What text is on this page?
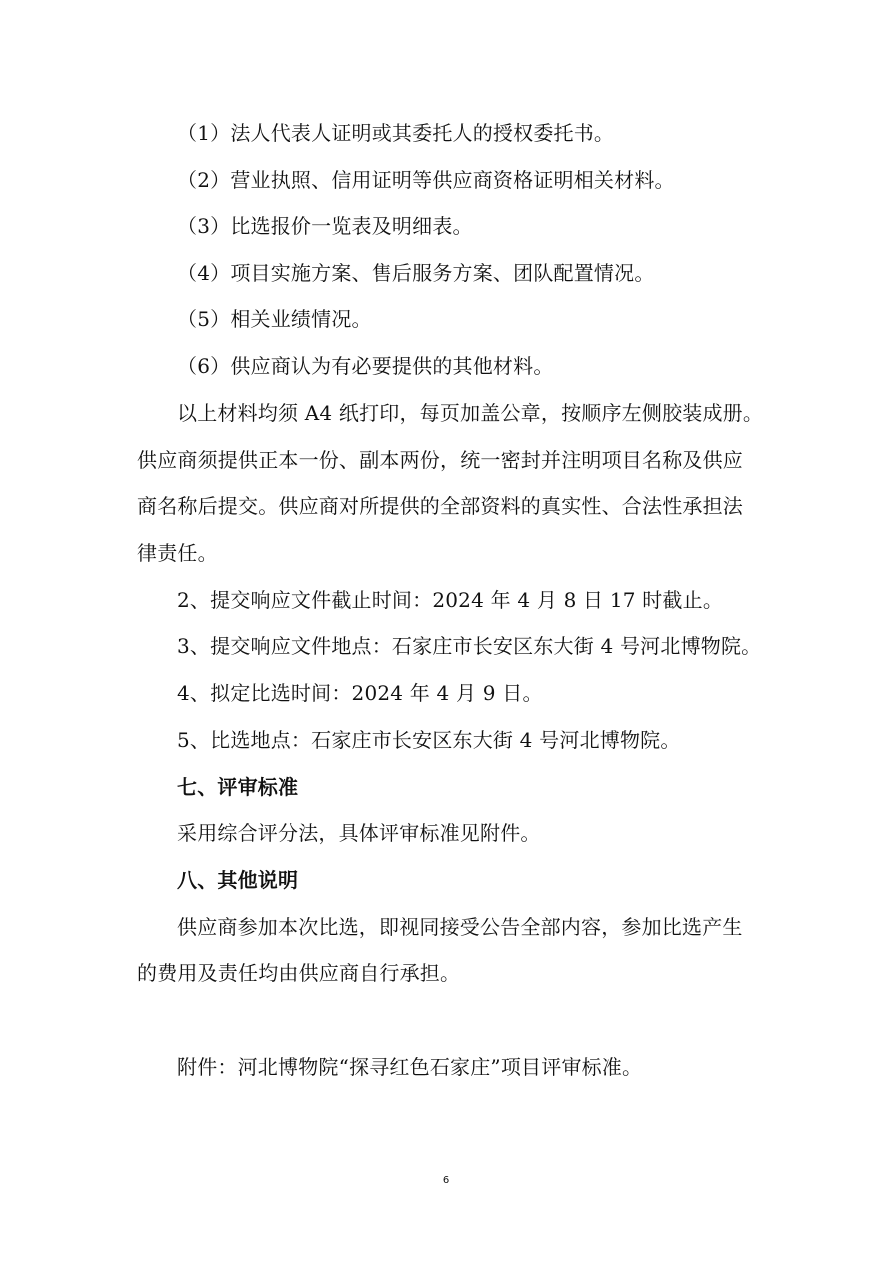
（1）法人代表人证明或其委托人的授权委托书。
（2）营业执照、信用证明等供应商资格证明相关材料。
（3）比选报价一览表及明细表。
（4）项目实施方案、售后服务方案、团队配置情况。
（5）相关业绩情况。
（6）供应商认为有必要提供的其他材料。
以上材料均须 A4 纸打印，每页加盖公章，按顺序左侧胶装成册。
供应商须提供正本一份、副本两份，统一密封并注明项目名称及供应
商名称后提交。供应商对所提供的全部资料的真实性、合法性承担法
律责任。
2、提交响应文件截止时间：2024 年 4 月 8 日 17 时截止。
3、提交响应文件地点：石家庄市长安区东大街 4 号河北博物院。
4、拟定比选时间：2024 年 4 月 9 日。
5、比选地点：石家庄市长安区东大街 4 号河北博物院。
七、评审标准
采用综合评分法，具体评审标准见附件。
八、其他说明
供应商参加本次比选，即视同接受公告全部内容，参加比选产生
的费用及责任均由供应商自行承担。
附件：河北博物院“探寻红色石家庄”项目评审标准。
6
